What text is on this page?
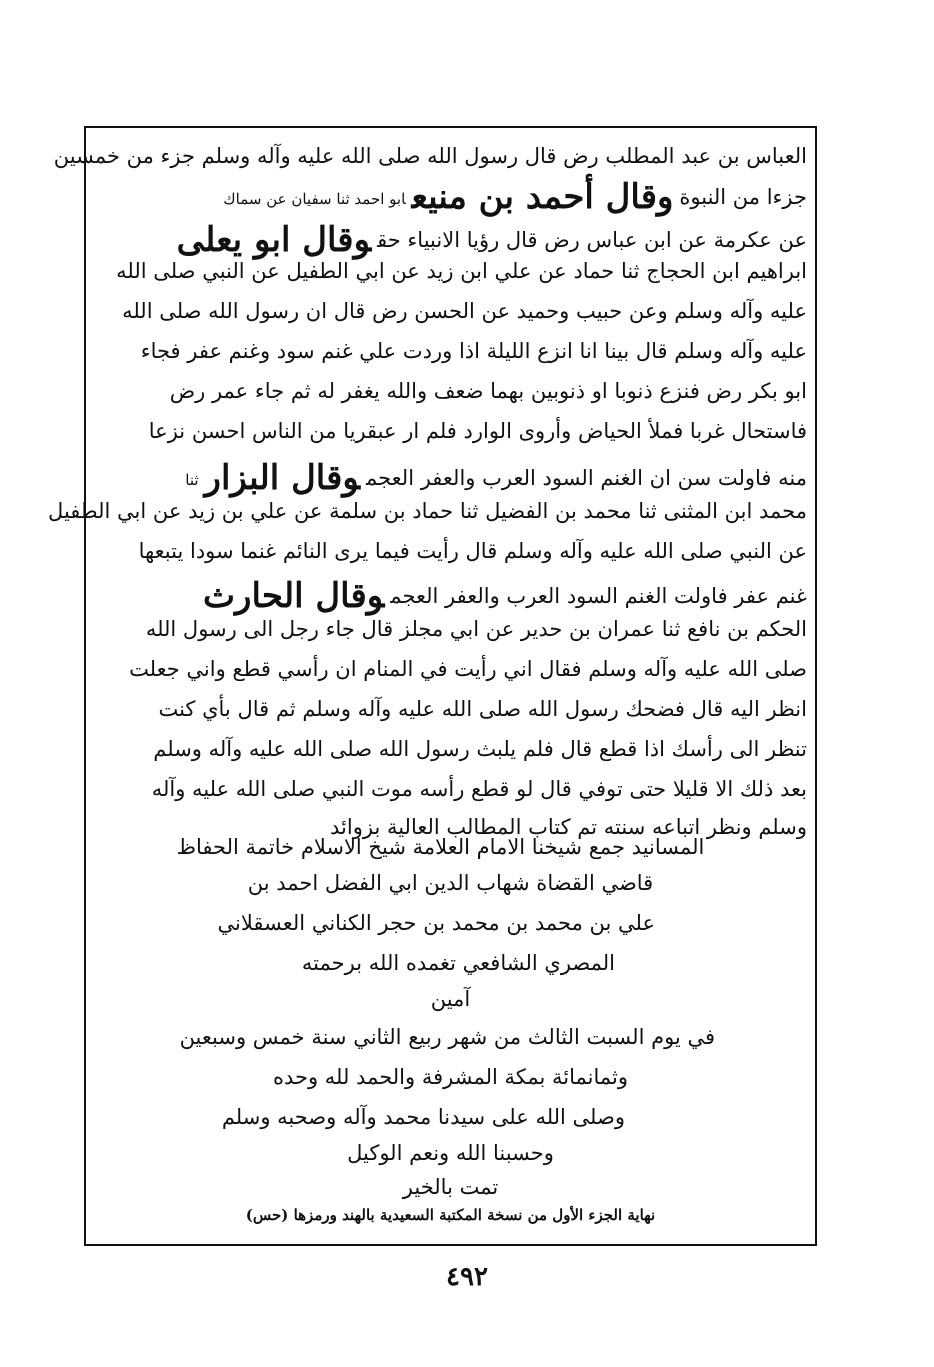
العباس بن عبد المطلب رض قال رسول الله صلى الله عليه وآله وسلم جزء من خمسين
جزءا من النبوةوقال أحمد بن منيعابو احمد ثنا سفيان عن سماك
عن عكرمة عن ابن عباس رض قال رؤيا الانبياء حقوقال ابو يعلى
ابراهيم ابن الحجاج ثنا حماد عن علي ابن زيد عن ابي الطفيل عن النبي صلى الله
عليه وآله وسلم وعن حبيب وحميد عن الحسن رض قال ان رسول الله صلى الله
عليه وآله وسلم قال بينا انا انزع الليلة اذا وردت علي غنم سود وغنم عفر فجاء
ابو بكر رض فنزع ذنوبا او ذنوبين بهما ضعف والله يغفر له ثم جاء عمر رض
فاستحال غربا فملأ الحياض وأروى الوارد فلم ار عبقريا من الناس احسن نزعا
منه فاولت سن ان الغنم السود العرب والعفر العجموقال البزارثنا
محمد ابن المثنى ثنا محمد بن الفضيل ثنا حماد بن سلمة عن علي بن زيد عن ابي الطفيل
عن النبي صلى الله عليه وآله وسلم قال رأيت فيما يرى النائم غنما سودا يتبعها
غنم عفر فاولت الغنم السود العرب والعفر العجموقال الحارث
الحكم بن نافع ثنا عمران بن حدير عن ابي مجلز قال جاء رجل الى رسول الله
صلى الله عليه وآله وسلم فقال اني رأيت في المنام ان رأسي قطع واني جعلت
انظر اليه قال فضحك رسول الله صلى الله عليه وآله وسلم ثم قال بأي كنت
تنظر الى رأسك اذا قطع قال فلم يلبث رسول الله صلى الله عليه وآله وسلم
بعد ذلك الا قليلا حتى توفي قال لو قطع رأسه موت النبي صلى الله عليه وآله
وسلم ونظر اتباعه سنته تم كتاب المطالب العالية بزوائد
المسانيد جمع شيخنا الامام العلامة شيخ الاسلام خاتمة الحفاظ
قاضي القضاة شهاب الدين ابي الفضل احمد بن
علي بن محمد بن محمد بن حجر الكناني العسقلاني
المصري الشافعي تغمده الله برحمته
آمين
في يوم السبت الثالث من شهر ربيع الثاني سنة خمس وسبعين
وثمانمائة بمكة المشرفة والحمد لله وحده
وصلى الله على سيدنا محمد وآله وصحبه وسلم
وحسبنا الله ونعم الوكيل
تمت بالخير
نهاية الجزء الأول من نسخة المكتبة السعيدية بالهند ورمزها (حس)
٤٩٢
